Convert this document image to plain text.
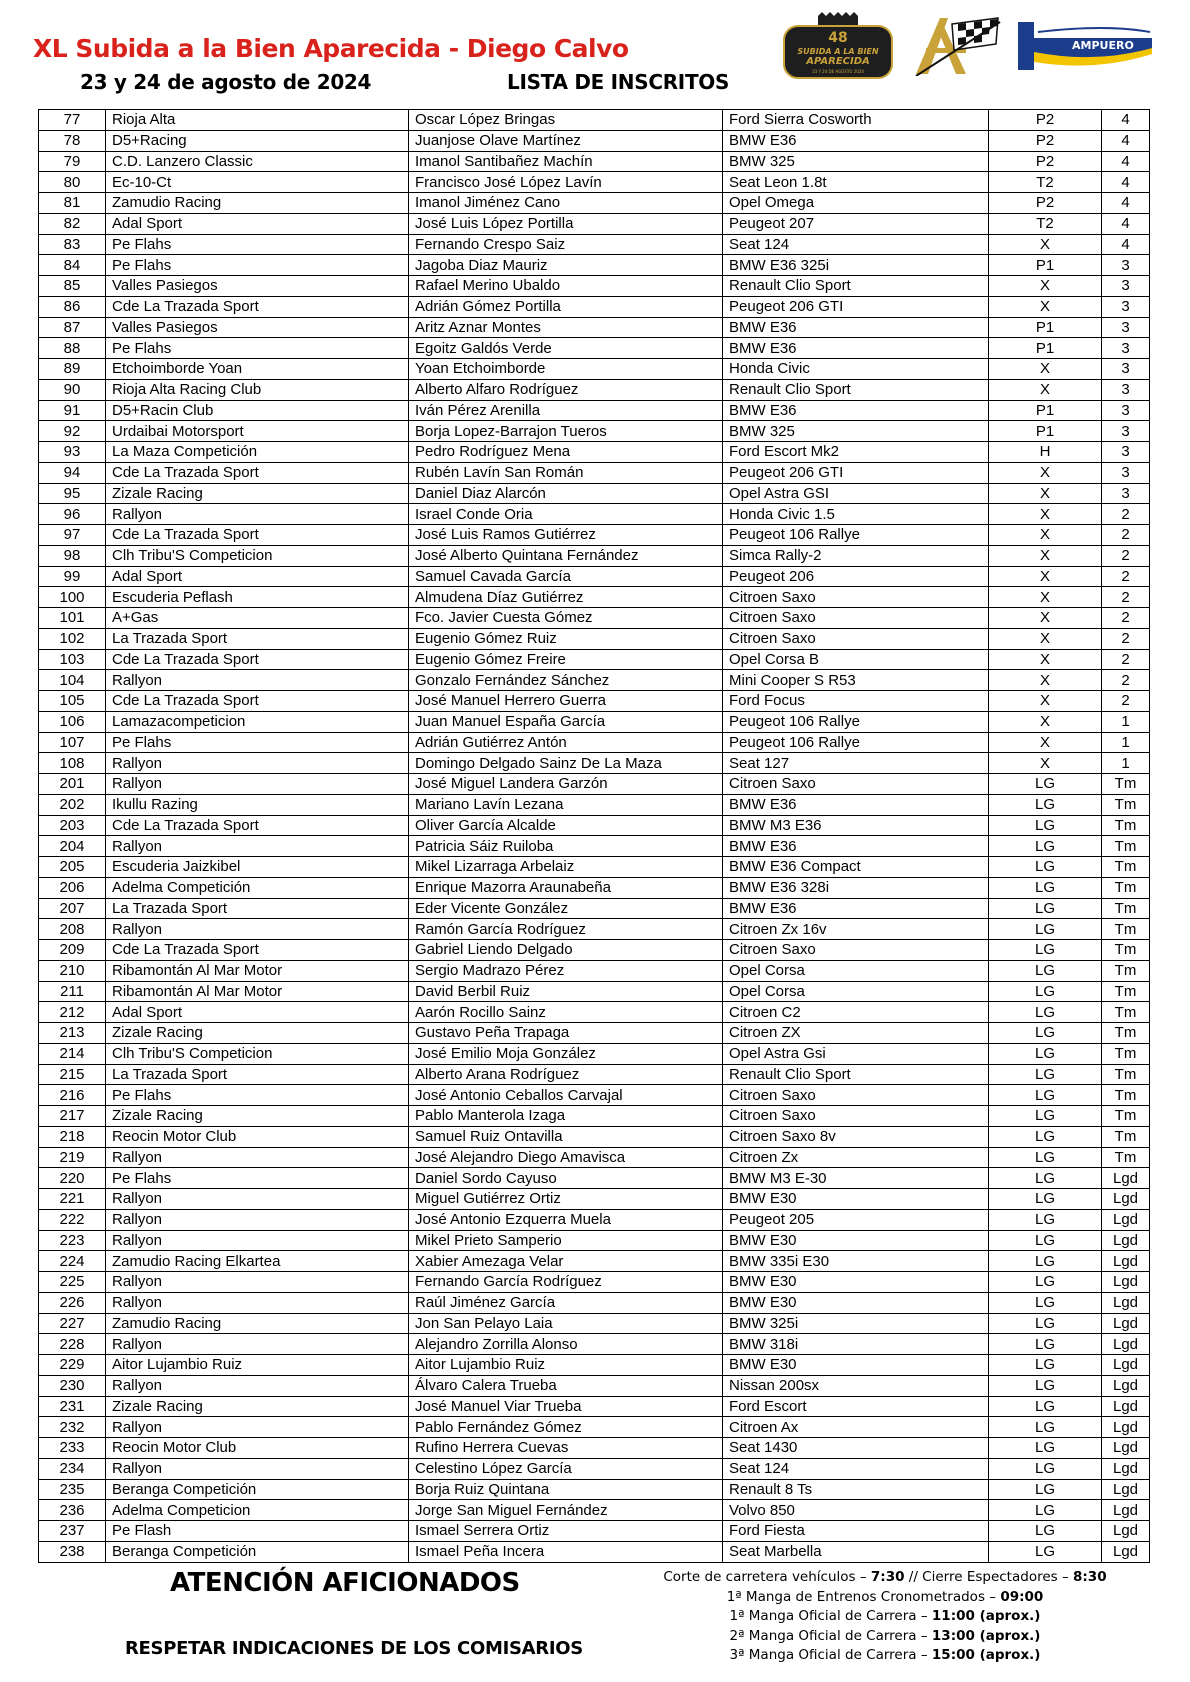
XL Subida a la Bien Aparecida - Diego Calvo
23 y 24 de agosto de 2024	LISTA DE INSCRITOS
48
SUBIDA A LA BIEN
APARECIDA
23 Y 24 DE AGOSTO 2024
AMPUERO
77	Rioja Alta	Oscar López Bringas	Ford Sierra Cosworth	P2	4
78	D5+Racing	Juanjose Olave Martínez	BMW E36	P2	4
79	C.D. Lanzero Classic	Imanol Santibañez Machín	BMW 325	P2	4
80	Ec-10-Ct	Francisco José López Lavín	Seat Leon 1.8t	T2	4
81	Zamudio Racing	Imanol Jiménez Cano	Opel Omega	P2	4
82	Adal Sport	José Luis López Portilla	Peugeot 207	T2	4
83	Pe Flahs	Fernando Crespo Saiz	Seat 124	X	4
84	Pe Flahs	Jagoba Diaz Mauriz	BMW E36 325i	P1	3
85	Valles Pasiegos	Rafael Merino Ubaldo	Renault Clio Sport	X	3
86	Cde La Trazada Sport	Adrián Gómez Portilla	Peugeot 206 GTI	X	3
87	Valles Pasiegos	Aritz Aznar Montes	BMW E36	P1	3
88	Pe Flahs	Egoitz Galdós Verde	BMW E36	P1	3
89	Etchoimborde Yoan	Yoan Etchoimborde	Honda Civic	X	3
90	Rioja Alta Racing Club	Alberto Alfaro Rodríguez	Renault Clio Sport	X	3
91	D5+Racin Club	Iván Pérez Arenilla	BMW E36	P1	3
92	Urdaibai Motorsport	Borja Lopez-Barrajon Tueros	BMW 325	P1	3
93	La Maza Competición	Pedro Rodríguez Mena	Ford Escort Mk2	H	3
94	Cde La Trazada Sport	Rubén Lavín San Román	Peugeot 206 GTI	X	3
95	Zizale Racing	Daniel Diaz Alarcón	Opel Astra GSI	X	3
96	Rallyon	Israel Conde Oria	Honda Civic 1.5	X	2
97	Cde La Trazada Sport	José Luis Ramos Gutiérrez	Peugeot 106 Rallye	X	2
98	Clh Tribu'S Competicion	José Alberto Quintana Fernández	Simca Rally-2	X	2
99	Adal Sport	Samuel Cavada García	Peugeot 206	X	2
100	Escuderia Peflash	Almudena Díaz Gutiérrez	Citroen Saxo	X	2
101	A+Gas	Fco. Javier Cuesta Gómez	Citroen Saxo	X	2
102	La Trazada Sport	Eugenio Gómez Ruiz	Citroen Saxo	X	2
103	Cde La Trazada Sport	Eugenio Gómez Freire	Opel Corsa B	X	2
104	Rallyon	Gonzalo Fernández Sánchez	Mini Cooper S R53	X	2
105	Cde La Trazada Sport	José Manuel Herrero Guerra	Ford Focus	X	2
106	Lamazacompeticion	Juan Manuel España García	Peugeot 106 Rallye	X	1
107	Pe Flahs	Adrián Gutiérrez Antón	Peugeot 106 Rallye	X	1
108	Rallyon	Domingo Delgado Sainz De La Maza	Seat 127	X	1
201	Rallyon	José Miguel Landera Garzón	Citroen Saxo	LG	Tm
202	Ikullu Razing	Mariano Lavín Lezana	BMW E36	LG	Tm
203	Cde La Trazada Sport	Oliver García Alcalde	BMW M3 E36	LG	Tm
204	Rallyon	Patricia Sáiz Ruiloba	BMW E36	LG	Tm
205	Escuderia Jaizkibel	Mikel Lizarraga Arbelaiz	BMW E36 Compact	LG	Tm
206	Adelma Competición	Enrique Mazorra Araunabeña	BMW E36 328i	LG	Tm
207	La Trazada Sport	Eder Vicente González	BMW E36	LG	Tm
208	Rallyon	Ramón García Rodríguez	Citroen Zx 16v	LG	Tm
209	Cde La Trazada Sport	Gabriel Liendo Delgado	Citroen Saxo	LG	Tm
210	Ribamontán Al Mar Motor	Sergio Madrazo Pérez	Opel Corsa	LG	Tm
211	Ribamontán Al Mar Motor	David Berbil Ruiz	Opel Corsa	LG	Tm
212	Adal Sport	Aarón Rocillo Sainz	Citroen C2	LG	Tm
213	Zizale Racing	Gustavo Peña Trapaga	Citroen ZX	LG	Tm
214	Clh Tribu'S Competicion	José Emilio Moja González	Opel Astra Gsi	LG	Tm
215	La Trazada Sport	Alberto Arana Rodríguez	Renault Clio Sport	LG	Tm
216	Pe Flahs	José Antonio Ceballos Carvajal	Citroen Saxo	LG	Tm
217	Zizale Racing	Pablo Manterola Izaga	Citroen Saxo	LG	Tm
218	Reocin Motor Club	Samuel Ruiz Ontavilla	Citroen Saxo 8v	LG	Tm
219	Rallyon	José Alejandro Diego Amavisca	Citroen Zx	LG	Tm
220	Pe Flahs	Daniel Sordo Cayuso	BMW M3 E-30	LG	Lgd
221	Rallyon	Miguel Gutiérrez Ortiz	BMW E30	LG	Lgd
222	Rallyon	José Antonio Ezquerra Muela	Peugeot 205	LG	Lgd
223	Rallyon	Mikel Prieto Samperio	BMW E30	LG	Lgd
224	Zamudio Racing Elkartea	Xabier Amezaga Velar	BMW 335i E30	LG	Lgd
225	Rallyon	Fernando García Rodríguez	BMW E30	LG	Lgd
226	Rallyon	Raúl Jiménez García	BMW E30	LG	Lgd
227	Zamudio Racing	Jon San Pelayo Laia	BMW 325i	LG	Lgd
228	Rallyon	Alejandro Zorrilla Alonso	BMW 318i	LG	Lgd
229	Aitor Lujambio Ruiz	Aitor Lujambio Ruiz	BMW E30	LG	Lgd
230	Rallyon	Álvaro Calera Trueba	Nissan 200sx	LG	Lgd
231	Zizale Racing	José Manuel Viar Trueba	Ford Escort	LG	Lgd
232	Rallyon	Pablo Fernández Gómez	Citroen Ax	LG	Lgd
233	Reocin Motor Club	Rufino Herrera Cuevas	Seat 1430	LG	Lgd
234	Rallyon	Celestino López García	Seat 124	LG	Lgd
235	Beranga Competición	Borja Ruiz Quintana	Renault 8 Ts	LG	Lgd
236	Adelma Competicion	Jorge San Miguel Fernández	Volvo 850	LG	Lgd
237	Pe Flash	Ismael Serrera Ortiz	Ford Fiesta	LG	Lgd
238	Beranga Competición	Ismael Peña Incera	Seat Marbella	LG	Lgd
ATENCIÓN AFICIONADOS
RESPETAR INDICACIONES DE LOS COMISARIOS
Corte de carretera vehículos – 7:30 // Cierre Espectadores – 8:30
1ª Manga de Entrenos Cronometrados – 09:00
1ª Manga Oficial de Carrera – 11:00 (aprox.)
2ª Manga Oficial de Carrera – 13:00 (aprox.)
3ª Manga Oficial de Carrera – 15:00 (aprox.)
